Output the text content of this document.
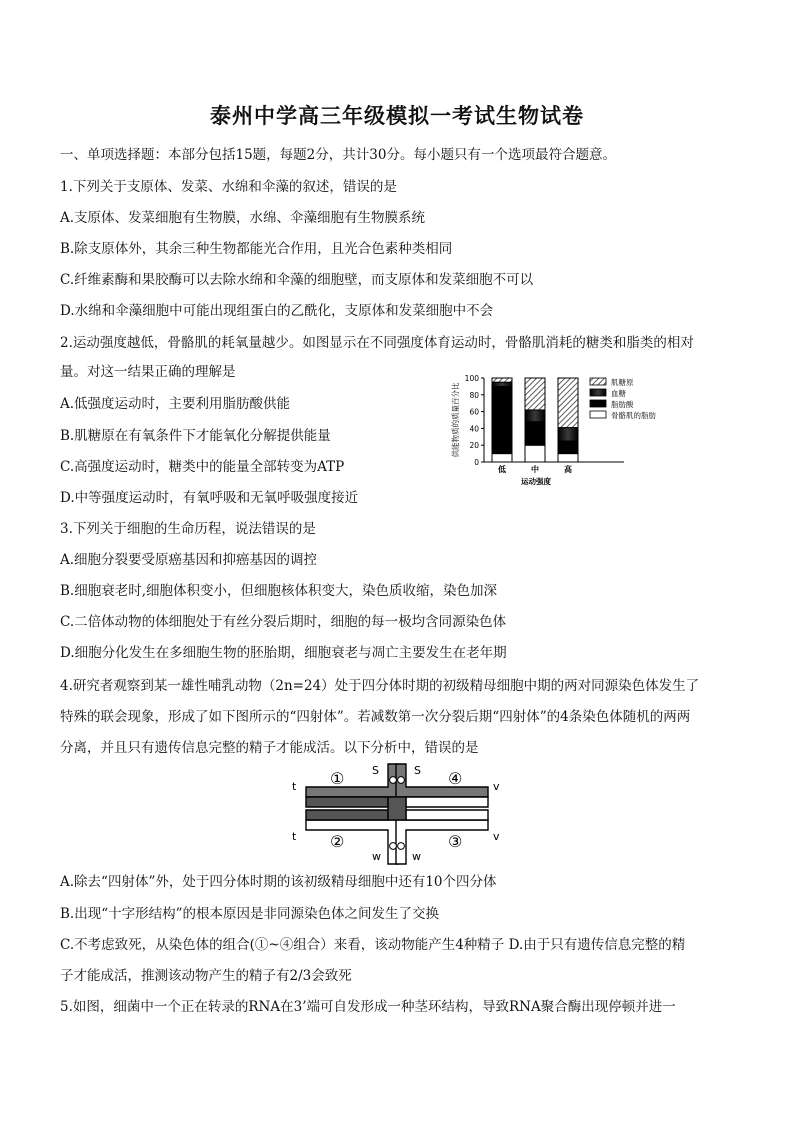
泰州中学高三年级模拟一考试生物试卷
一、单项选择题：本部分包括15题，每题2分，共计30分。每小题只有一个选项最符合题意。
1.下列关于支原体、发菜、水绵和伞藻的叙述，错误的是
A.支原体、发菜细胞有生物膜，水绵、伞藻细胞有生物膜系统
B.除支原体外，其余三种生物都能光合作用，且光合色素种类相同
C.纤维素酶和果胶酶可以去除水绵和伞藻的细胞壁，而支原体和发菜细胞不可以
D.水绵和伞藻细胞中可能出现组蛋白的乙酰化，支原体和发菜细胞中不会
2.运动强度越低，骨骼肌的耗氧量越少。如图显示在不同强度体育运动时，骨骼肌消耗的糖类和脂类的相对
量。对这一结果正确的理解是
A.低强度运动时，主要利用脂肪酸供能
B.肌糖原在有氧条件下才能氧化分解提供能量
C.高强度运动时，糖类中的能量全部转变为ATP
D.中等强度运动时，有氧呼吸和无氧呼吸强度接近
供能物质的质量百分比
0
20
40
60
80
100
低	中	高
运动强度
肌糖原
血糖
脂肪酸
骨骼肌的脂肪
3.下列关于细胞的生命历程，说法错误的是
A.细胞分裂要受原癌基因和抑癌基因的调控
B.细胞衰老时,细胞体积变小，但细胞核体积变大，染色质收缩，染色加深
C.二倍体动物的体细胞处于有丝分裂后期时，细胞的每一极均含同源染色体
D.细胞分化发生在多细胞生物的胚胎期，细胞衰老与凋亡主要发生在老年期
4.研究者观察到某一雄性哺乳动物（2n=24）处于四分体时期的初级精母细胞中期的两对同源染色体发生了
特殊的联会现象，形成了如下图所示的“四射体”。若减数第一次分裂后期“四射体”的4条染色体随机的两两
分离，并且只有遗传信息完整的精子才能成活。以下分析中，错误的是
①
②	③
④
S	S
t
t
v
v
w	w
A.除去“四射体”外，处于四分体时期的该初级精母细胞中还有10个四分体
B.出现“十字形结构”的根本原因是非同源染色体之间发生了交换
C.不考虑致死，从染色体的组合(①~④组合）来看，该动物能产生4种精子 D.由于只有遗传信息完整的精
子才能成活，推测该动物产生的精子有2/3会致死
5.如图，细菌中一个正在转录的RNA在3’端可自发形成一种茎环结构，导致RNA聚合酶出现停顿并进一
